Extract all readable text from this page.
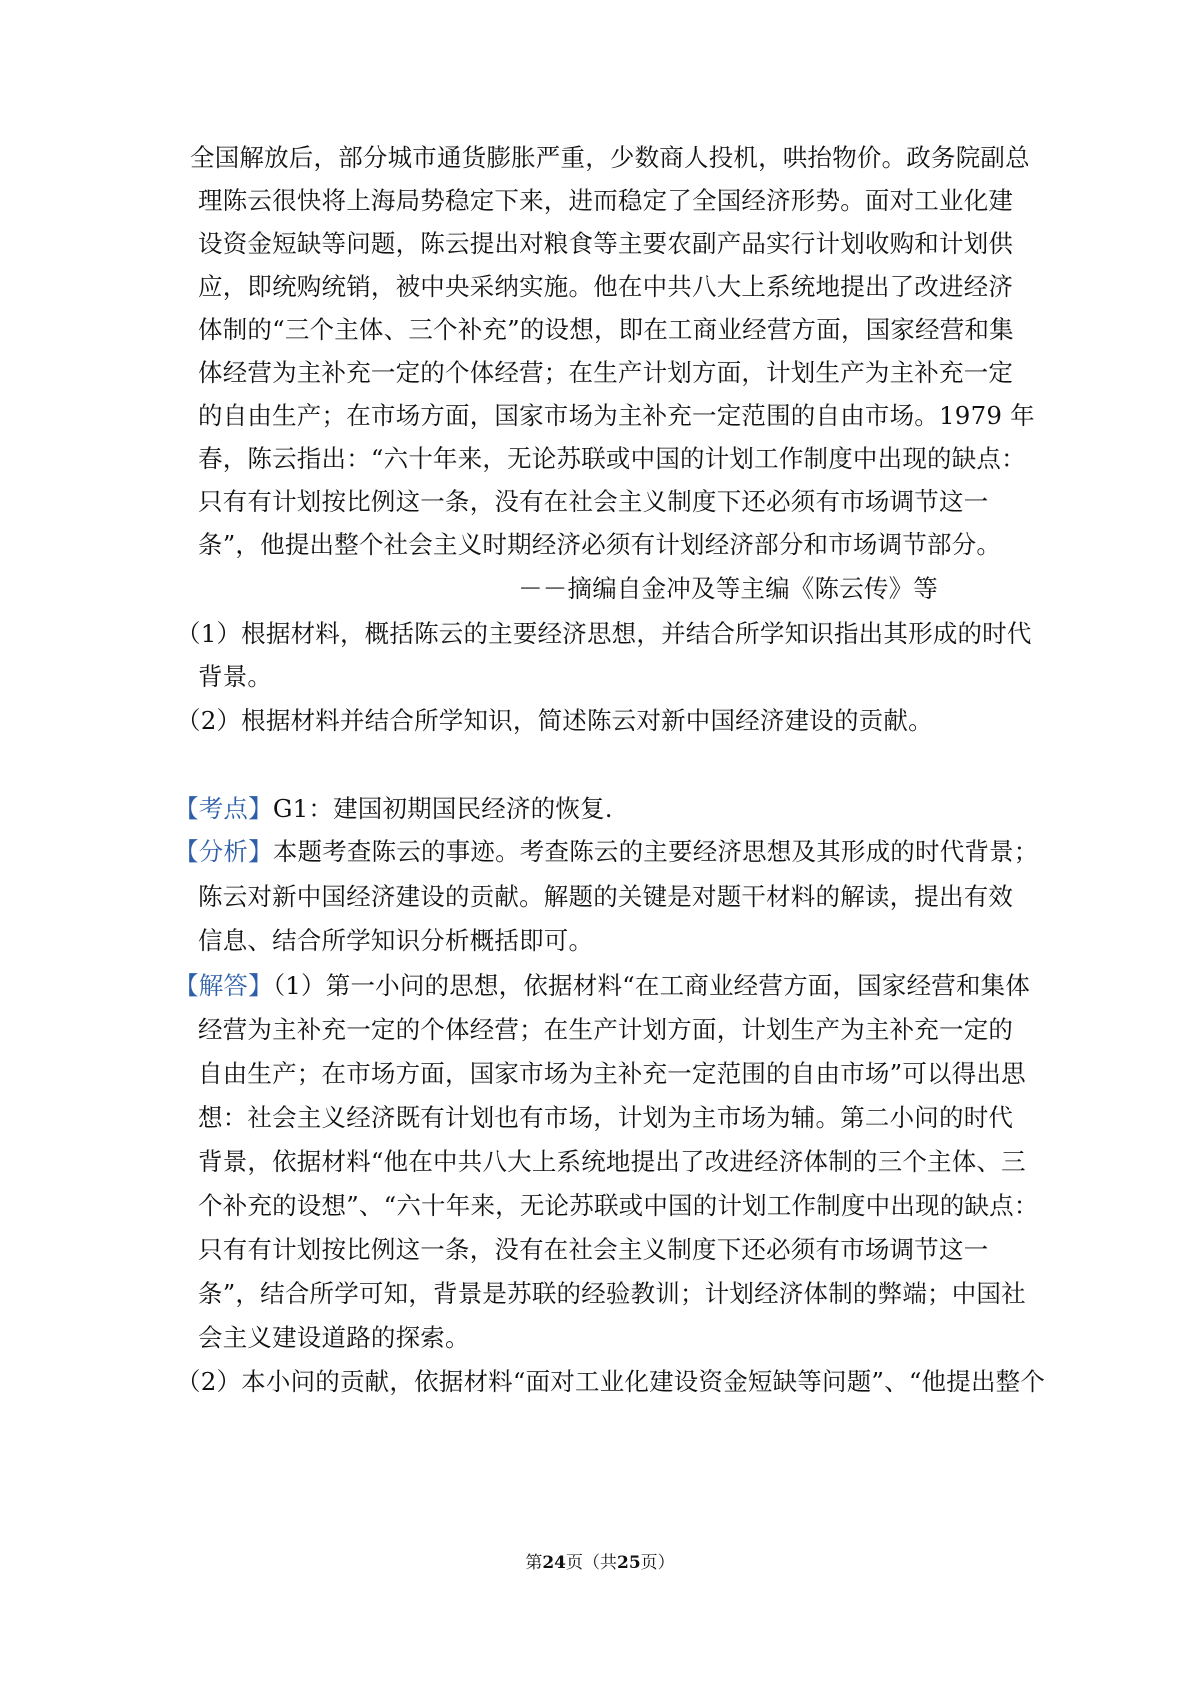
全国解放后，部分城市通货膨胀严重，少数商人投机，哄抬物价。政务院副总
理陈云很快将上海局势稳定下来，进而稳定了全国经济形势。面对工业化建
设资金短缺等问题，陈云提出对粮食等主要农副产品实行计划收购和计划供
应，即统购统销，被中央采纳实施。他在中共八大上系统地提出了改进经济
体制的“三个主体、三个补充”的设想，即在工商业经营方面，国家经营和集
体经营为主补充一定的个体经营；在生产计划方面，计划生产为主补充一定
的自由生产；在市场方面，国家市场为主补充一定范围的自由市场。1979 年
春，陈云指出：“六十年来，无论苏联或中国的计划工作制度中出现的缺点：
只有有计划按比例这一条，没有在社会主义制度下还必须有市场调节这一
条”，他提出整个社会主义时期经济必须有计划经济部分和市场调节部分。
－－摘编自金冲及等主编《陈云传》等
（1）根据材料，概括陈云的主要经济思想，并结合所学知识指出其形成的时代
背景。
（2）根据材料并结合所学知识，简述陈云对新中国经济建设的贡献。
【考点】G1：建国初期国民经济的恢复.
【分析】本题考查陈云的事迹。考查陈云的主要经济思想及其形成的时代背景；
陈云对新中国经济建设的贡献。解题的关键是对题干材料的解读，提出有效
信息、结合所学知识分析概括即可。
【解答】（1）第一小问的思想，依据材料“在工商业经营方面，国家经营和集体
经营为主补充一定的个体经营；在生产计划方面，计划生产为主补充一定的
自由生产；在市场方面，国家市场为主补充一定范围的自由市场”可以得出思
想：社会主义经济既有计划也有市场，计划为主市场为辅。第二小问的时代
背景，依据材料“他在中共八大上系统地提出了改进经济体制的三个主体、三
个补充的设想”、“六十年来，无论苏联或中国的计划工作制度中出现的缺点：
只有有计划按比例这一条，没有在社会主义制度下还必须有市场调节这一
条”，结合所学可知，背景是苏联的经验教训；计划经济体制的弊端；中国社
会主义建设道路的探索。
（2）本小问的贡献，依据材料“面对工业化建设资金短缺等问题”、“他提出整个
第24页（共25页）
